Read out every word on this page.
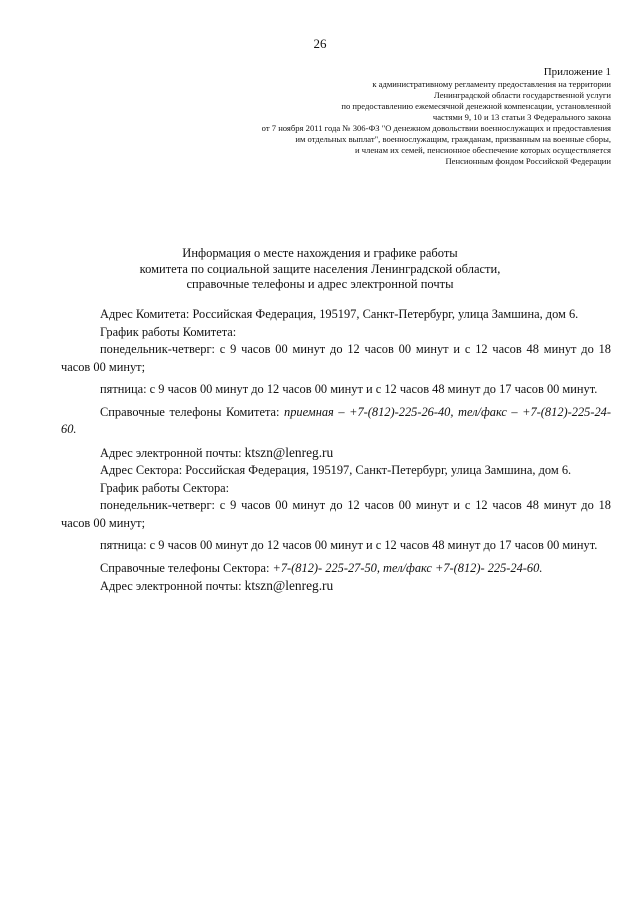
26
Приложение 1
к административному регламенту предоставления на территории
Ленинградской области государственной услуги
по предоставлению ежемесячной денежной компенсации, установленной
частями 9, 10 и 13 статьи 3 Федерального закона
от 7 ноября 2011 года № 306-ФЗ "О денежном довольствии военнослужащих и предоставления
им отдельных выплат", военнослужащим, гражданам, призванным на военные сборы,
и членам их семей, пенсионное обеспечение которых осуществляется
Пенсионным фондом Российской Федерации
Информация о месте нахождения и графике работы
комитета по социальной защите населения Ленинградской области,
справочные телефоны и адрес электронной почты

Адрес Комитета: Российская Федерация, 195197, Санкт-Петербург, улица Замшина, дом 6.

График работы Комитета:

понедельник-четверг: с 9 часов 00 минут до 12 часов 00 минут и с 12 часов 48 минут до 18 часов 00 минут;

пятница: с 9 часов 00 минут до 12 часов 00 минут и с 12 часов 48 минут до 17 часов 00 минут.

Справочные телефоны Комитета: приемная – +7-(812)-225-26-40, тел/факс – +7-(812)-225-24-60.

Адрес электронной почты: ktszn@lenreg.ru

Адрес Сектора: Российская Федерация, 195197, Санкт-Петербург, улица Замшина, дом 6.

График работы Сектора:

понедельник-четверг: с 9 часов 00 минут до 12 часов 00 минут и с 12 часов 48 минут до 18 часов 00 минут;

пятница: с 9 часов 00 минут до 12 часов 00 минут и с 12 часов 48 минут до 17 часов 00 минут.

Справочные телефоны Сектора: +7-(812)- 225-27-50, тел/факс +7-(812)- 225-24-60.

Адрес электронной почты: ktszn@lenreg.ru
